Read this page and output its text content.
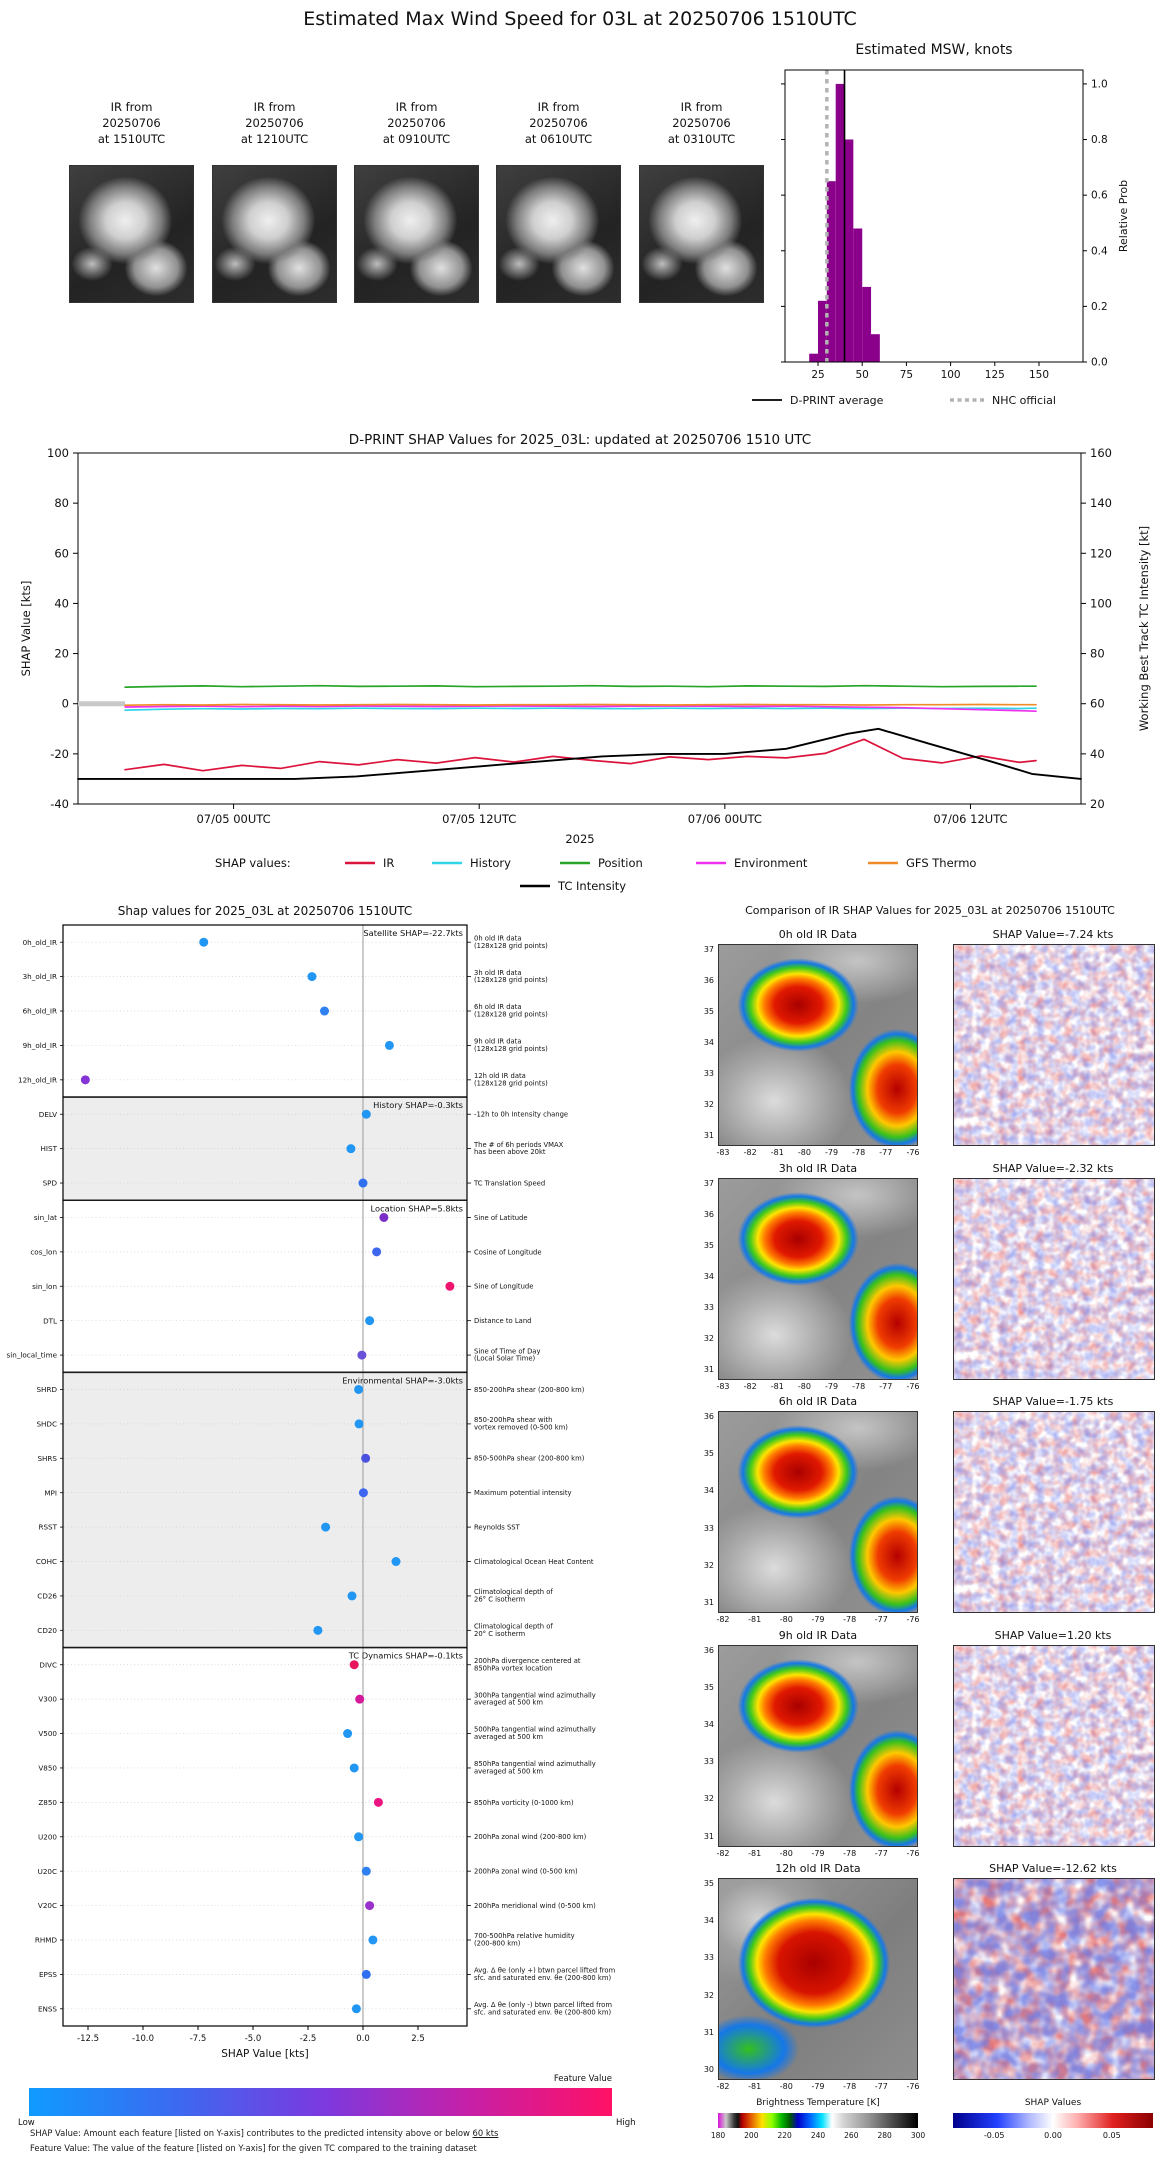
Estimated Max Wind Speed for 03L at 20250706 1510UTC
IR from
20250706
at 1510UTC
IR from
20250706
at 1210UTC
IR from
20250706
at 0910UTC
IR from
20250706
at 0610UTC
IR from
20250706
at 0310UTC
Estimated MSW, knots
25	50	75	100 125 150
0.0
0.2
0.4
0.6
0.8
1.0
Relative Prob
D-PRINT average	NHC official
D-PRINT SHAP Values for 2025_03L: updated at 20250706 1510 UTC
-40
-20
0
20
40
60
80
100
20
40
60
80
100
120
140
160
07/05 00UTC	07/05 12UTC	07/06 00UTC	07/06 12UTC
2025
SHAP Value [kts]	Working Best Track TC Intensity [kt]
SHAP values:	IR	History	Position	Environment	GFS Thermo
TC Intensity
Shap values for 2025_03L at 20250706 1510UTC
Satellite SHAP=-22.7kts
History SHAP=-0.3kts
Location SHAP=5.8kts
Environmental SHAP=-3.0kts
TC Dynamics SHAP=-0.1kts
0h_old_IR	0h old IR data (128x128 grid points)
3h_old_IR	3h old IR data (128x128 grid points)
6h_old_IR	6h old IR data (128x128 grid points)
9h_old_IR	9h old IR data (128x128 grid points)
12h_old_IR	12h old IR data (128x128 grid points)
DELV	-12h to 0h Intensity change
HIST	The # of 6h periods VMAX has been above 20kt
SPD	TC Translation Speed
sin_lat	Sine of Latitude
cos_lon	Cosine of Longitude
sin_lon	Sine of Longitude
DTL	Distance to Land
sin_local_time	Sine of Time of Day (Local Solar Time)
SHRD	850-200hPa shear (200-800 km)
SHDC	850-200hPa shear with vortex removed (0-500 km)
SHRS	850-500hPa shear (200-800 km)
MPI	Maximum potential intensity
RSST	Reynolds SST
COHC	Climatological Ocean Heat Content
CD26	Climatological depth of 26° C isotherm
CD20	Climatological depth of 20° C isotherm
DIVC	200hPa divergence centered at 850hPa vortex location
V300	300hPa tangential wind azimuthally averaged at 500 km
V500	500hPa tangential wind azimuthally averaged at 500 km
V850	850hPa tangential wind azimuthally averaged at 500 km
Z850	850hPa vorticity (0-1000 km)
U200	200hPa zonal wind (200-800 km)
U20C	200hPa zonal wind (0-500 km)
V20C	200hPa meridional wind (0-500 km)
RHMD	700-500hPa relative humidity (200-800 km)
EPSS	Avg. Δ θe (only +) btwn parcel lifted from sfc. and saturated env. θe (200-800 km)
ENSS	Avg. Δ θe (only -) btwn parcel lifted from sfc. and saturated env. θe (200-800 km)
-12.5	-10.0	-7.5	-5.0	-2.5	0.0	2.5
SHAP Value [kts]
Comparison of IR SHAP Values for 2025_03L at 20250706 1510UTC
0h old IR Data	SHAP Value=-7.24 kts
37
36
35
34
33
32
31
-83	-82	-81	-80	-79	-78	-77	-76
3h old IR Data	SHAP Value=-2.32 kts
37
36
35
34
33
32
31
-83	-82	-81	-80	-79	-78	-77	-76
6h old IR Data	SHAP Value=-1.75 kts
36
35
34
33
32
31
-82	-81	-80	-79	-78	-77	-76
9h old IR Data	SHAP Value=1.20 kts
36
35
34
33
32
31
-82	-81	-80	-79	-78	-77	-76
12h old IR Data	SHAP Value=-12.62 kts
35
34
33
32
31
30
-82	-81	-80	-79	-78	-77	-76
Brightness Temperature [K]
180	200	220	240	260	280	300
SHAP Values
-0.05	0.00	0.05
Feature Value
Low	High
SHAP Value: Amount each feature [listed on Y-axis] contributes to the predicted intensity above or below 60 kts
Feature Value: The value of the feature [listed on Y-axis] for the given TC compared to the training dataset
